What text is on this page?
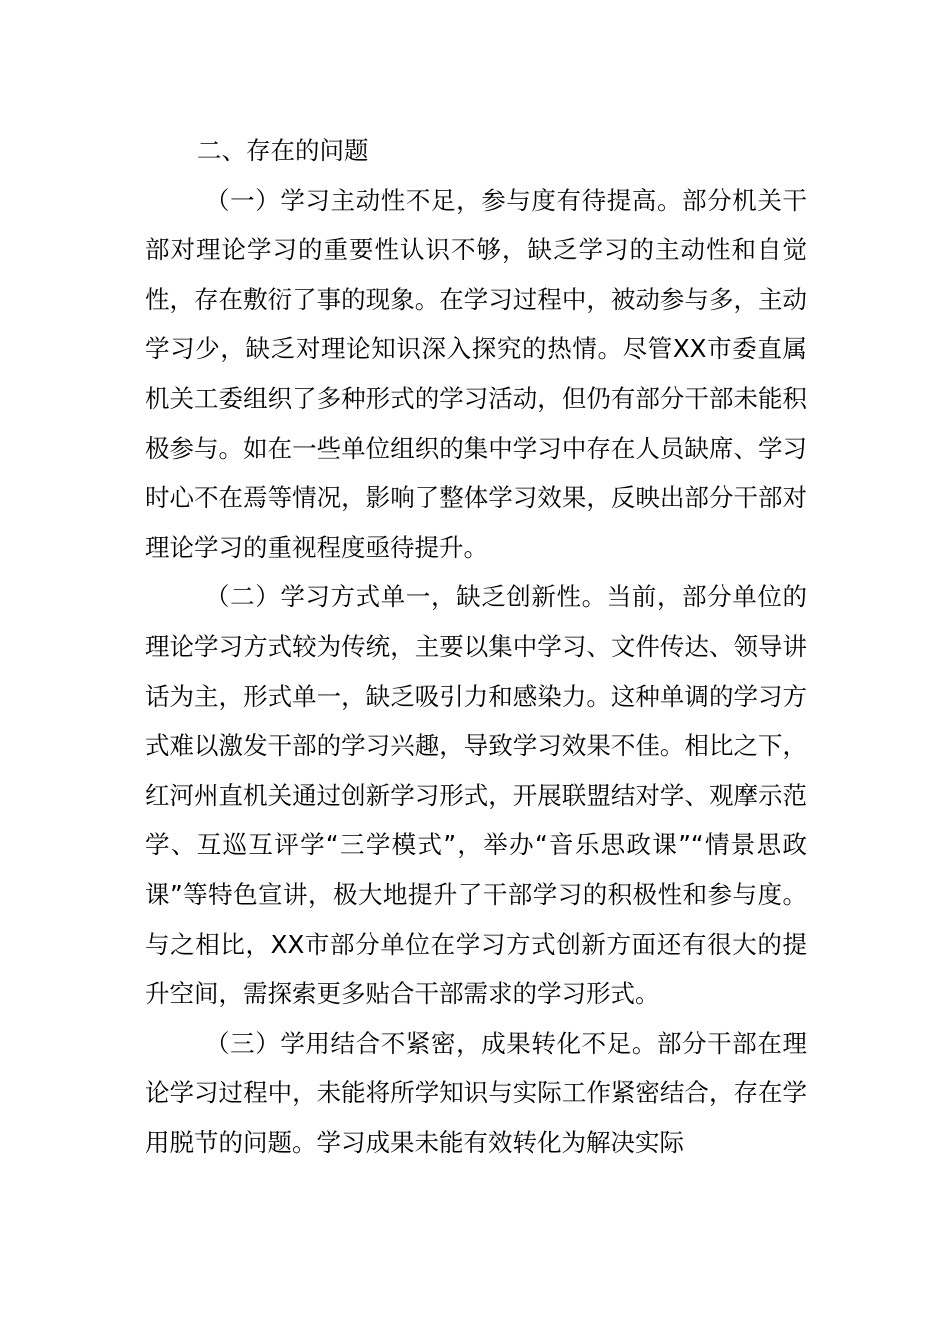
二、存在的问题

（一）学习主动性不足，参与度有待提高。部分机关干部对理论学习的重要性认识不够，缺乏学习的主动性和自觉性，存在敷衍了事的现象。在学习过程中，被动参与多，主动学习少，缺乏对理论知识深入探究的热情。尽管XX市委直属机关工委组织了多种形式的学习活动，但仍有部分干部未能积极参与。如在一些单位组织的集中学习中存在人员缺席、学习时心不在焉等情况，影响了整体学习效果，反映出部分干部对理论学习的重视程度亟待提升。

（二）学习方式单一，缺乏创新性。当前，部分单位的理论学习方式较为传统，主要以集中学习、文件传达、领导讲话为主，形式单一，缺乏吸引力和感染力。这种单调的学习方式难以激发干部的学习兴趣，导致学习效果不佳。相比之下，红河州直机关通过创新学习形式，开展联盟结对学、观摩示范学、互巡互评学“三学模式”，举办“音乐思政课”“情景思政课”等特色宣讲，极大地提升了干部学习的积极性和参与度。与之相比，XX市部分单位在学习方式创新方面还有很大的提升空间，需探索更多贴合干部需求的学习形式。

（三）学用结合不紧密，成果转化不足。部分干部在理论学习过程中，未能将所学知识与实际工作紧密结合，存在学用脱节的问题。学习成果未能有效转化为解决实际
